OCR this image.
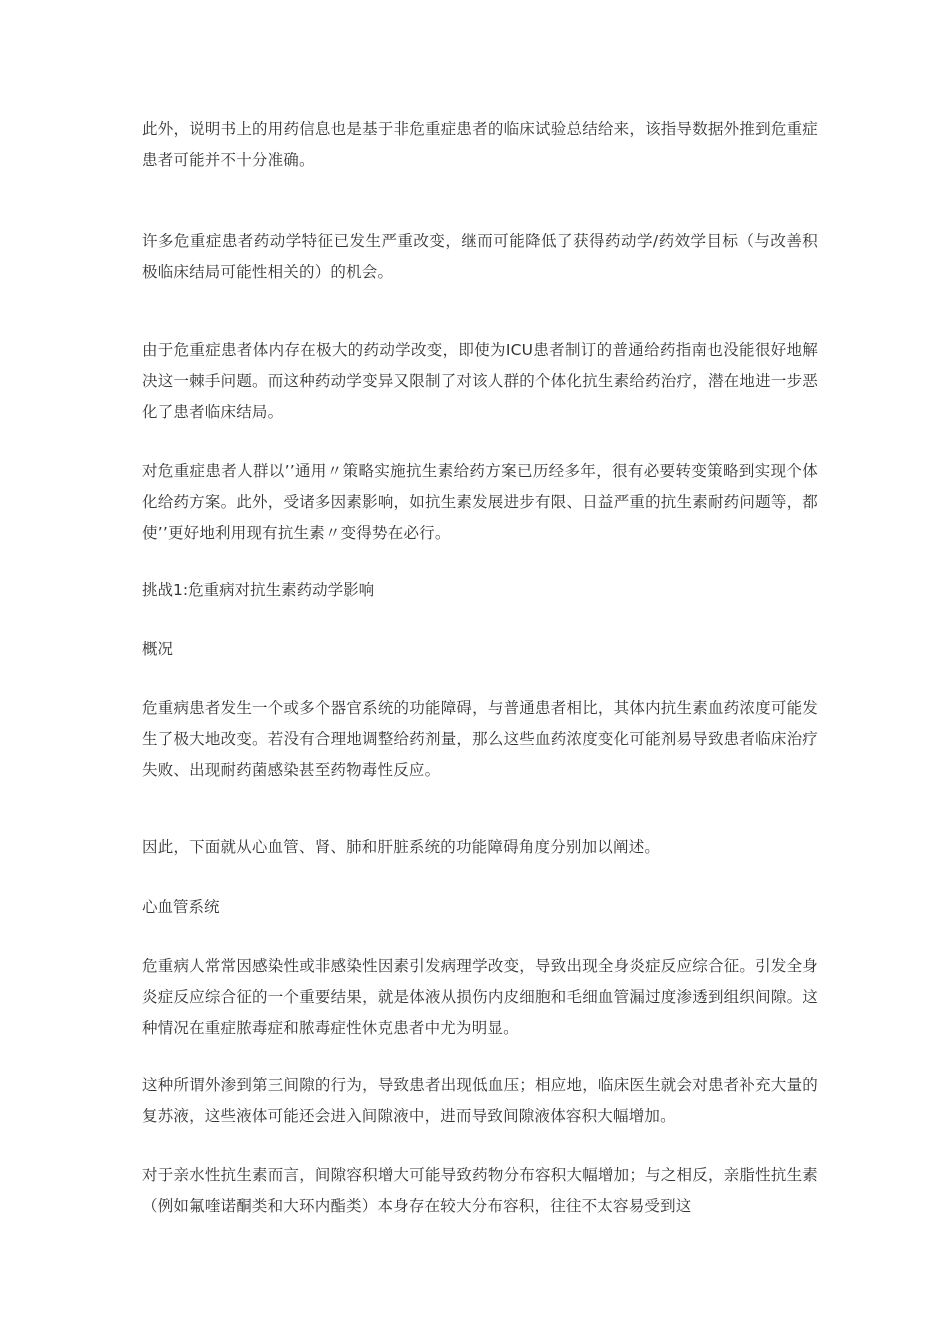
此外，说明书上的用药信息也是基于非危重症患者的临床试验总结给来，该指导数据外推到危重症患者可能并不十分准确。

许多危重症患者药动学特征已发生严重改变，继而可能降低了获得药动学/药效学目标（与改善积极临床结局可能性相关的）的机会。

由于危重症患者体内存在极大的药动学改变，即使为ICU患者制订的普通给药指南也没能很好地解决这一棘手问题。而这种药动学变异又限制了对该人群的个体化抗生素给药治疗，潜在地进一步恶化了患者临床结局。

对危重症患者人群以’’通用〃策略实施抗生素给药方案已历经多年，很有必要转变策略到实现个体化给药方案。此外，受诸多因素影响，如抗生素发展进步有限、日益严重的抗生素耐药问题等，都使’’更好地利用现有抗生素〃变得势在必行。

挑战1:危重病对抗生素药动学影响

概况

危重病患者发生一个或多个器官系统的功能障碍，与普通患者相比，其体内抗生素血药浓度可能发生了极大地改变。若没有合理地调整给药剂量，那么这些血药浓度变化可能剂易导致患者临床治疗失败、出现耐药菌感染甚至药物毒性反应。

因此，下面就从心血管、肾、肺和肝脏系统的功能障碍角度分别加以阐述。

心血管系统

危重病人常常因感染性或非感染性因素引发病理学改变，导致出现全身炎症反应综合征。引发全身炎症反应综合征的一个重要结果，就是体液从损伤内皮细胞和毛细血管漏过度渗透到组织间隙。这种情况在重症脓毒症和脓毒症性休克患者中尤为明显。

这种所谓外渗到第三间隙的行为，导致患者出现低血压；相应地，临床医生就会对患者补充大量的复苏液，这些液体可能还会进入间隙液中，进而导致间隙液体容积大幅增加。

对于亲水性抗生素而言，间隙容积增大可能导致药物分布容积大幅增加；与之相反，亲脂性抗生素（例如氟喹诺酮类和大环内酯类）本身存在较大分布容积，往往不太容易受到这
